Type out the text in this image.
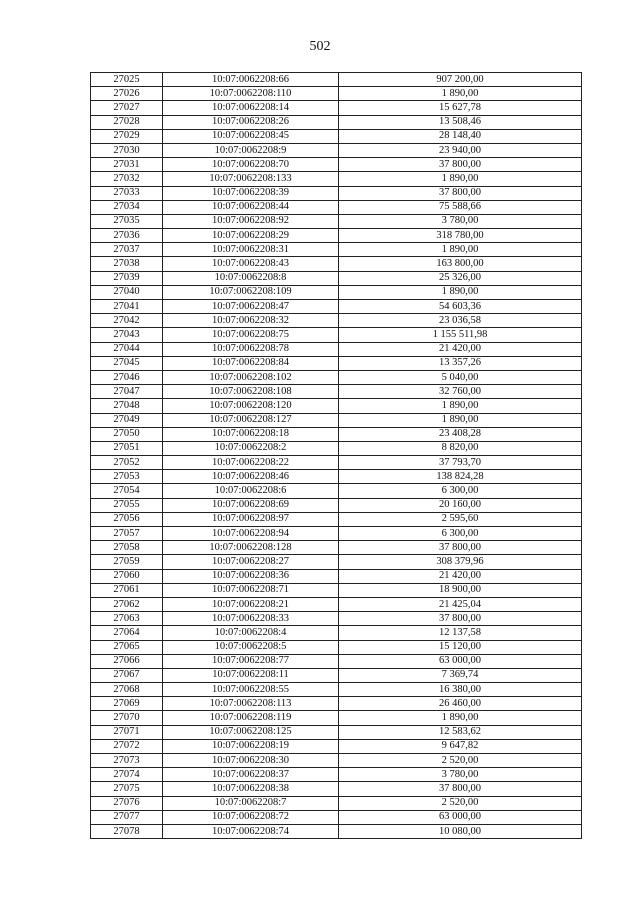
502
27025	10:07:0062208:66	907 200,00
27026	10:07:0062208:110	1 890,00
27027	10:07:0062208:14	15 627,78
27028	10:07:0062208:26	13 508,46
27029	10:07:0062208:45	28 148,40
27030	10:07:0062208:9	23 940,00
27031	10:07:0062208:70	37 800,00
27032	10:07:0062208:133	1 890,00
27033	10:07:0062208:39	37 800,00
27034	10:07:0062208:44	75 588,66
27035	10:07:0062208:92	3 780,00
27036	10:07:0062208:29	318 780,00
27037	10:07:0062208:31	1 890,00
27038	10:07:0062208:43	163 800,00
27039	10:07:0062208:8	25 326,00
27040	10:07:0062208:109	1 890,00
27041	10:07:0062208:47	54 603,36
27042	10:07:0062208:32	23 036,58
27043	10:07:0062208:75	1 155 511,98
27044	10:07:0062208:78	21 420,00
27045	10:07:0062208:84	13 357,26
27046	10:07:0062208:102	5 040,00
27047	10:07:0062208:108	32 760,00
27048	10:07:0062208:120	1 890,00
27049	10:07:0062208:127	1 890,00
27050	10:07:0062208:18	23 408,28
27051	10:07:0062208:2	8 820,00
27052	10:07:0062208:22	37 793,70
27053	10:07:0062208:46	138 824,28
27054	10:07:0062208:6	6 300,00
27055	10:07:0062208:69	20 160,00
27056	10:07:0062208:97	2 595,60
27057	10:07:0062208:94	6 300,00
27058	10:07:0062208:128	37 800,00
27059	10:07:0062208:27	308 379,96
27060	10:07:0062208:36	21 420,00
27061	10:07:0062208:71	18 900,00
27062	10:07:0062208:21	21 425,04
27063	10:07:0062208:33	37 800,00
27064	10:07:0062208:4	12 137,58
27065	10:07:0062208:5	15 120,00
27066	10:07:0062208:77	63 000,00
27067	10:07:0062208:11	7 369,74
27068	10:07:0062208:55	16 380,00
27069	10:07:0062208:113	26 460,00
27070	10:07:0062208:119	1 890,00
27071	10:07:0062208:125	12 583,62
27072	10:07:0062208:19	9 647,82
27073	10:07:0062208:30	2 520,00
27074	10:07:0062208:37	3 780,00
27075	10:07:0062208:38	37 800,00
27076	10:07:0062208:7	2 520,00
27077	10:07:0062208:72	63 000,00
27078	10:07:0062208:74	10 080,00
